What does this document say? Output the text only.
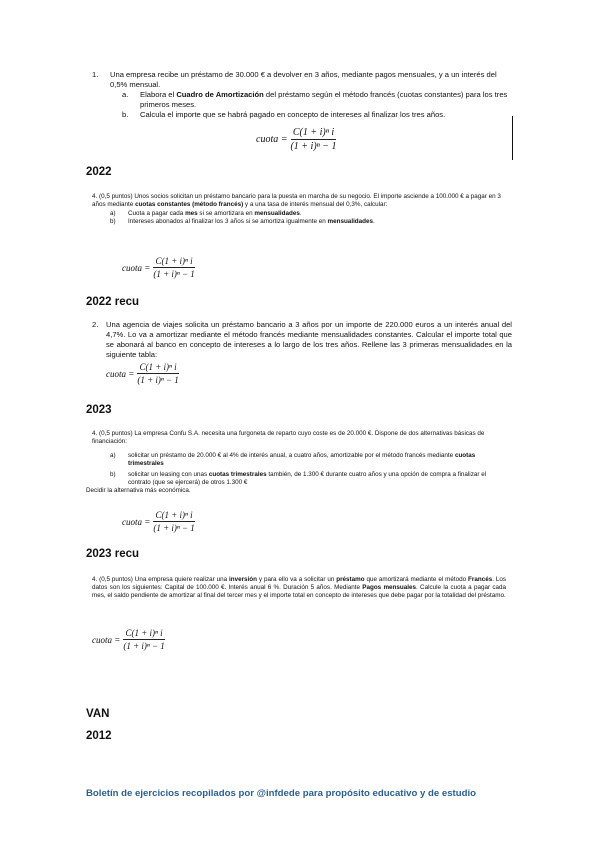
1.	Una empresa recibe un préstamo de 30.000 € a devolver en 3 años, mediante pagos mensuales, y a un interés del 0,5% mensual.

a.	Elabora el Cuadro de Amortización del préstamo según el método francés (cuotas constantes) para los tres primeros meses.
b.	Calcula el importe que se habrá pagado en concepto de intereses al finalizar los tres años.
cuota = $\frac{\text{C(1 + i)ⁿ i}}{\text{(1 + i)ⁿ − 1}}$
2022

4. (0,5 puntos) Unos socios solicitan un préstamo bancario para la puesta en marcha de su negocio. El importe asciende a 100.000 € a pagar en 3 años mediante cuotas constantes (método francés) y a una tasa de interés mensual del 0,3%, calcular:

a)	Cuota a pagar cada mes si se amortizara en mensualidades.
b)	Intereses abonados al finalizar los 3 años si se amortiza igualmente en mensualidades.
cuota = $\frac{\text{C(1 + i)ⁿ i}}{\text{(1 + i)ⁿ − 1}}$
2022 recu

2.	Una agencia de viajes solicita un préstamo bancario a 3 años por un importe de 220.000 euros a un interés anual del 4,7%. Lo va a amortizar mediante el método francés mediante mensualidades constantes. Calcular el importe total que se abonará al banco en concepto de intereses a lo largo de los tres años. Rellene las 3 primeras mensualidades en la siguiente tabla:

cuota = $\frac{\text{C(1 + i)ⁿ i}}{\text{(1 + i)ⁿ − 1}}$
2023

4. (0,5 puntos) La empresa Confu S.A. necesita una furgoneta de reparto cuyo coste es de 20.000 €. Dispone de dos alternativas básicas de financiación:

a)	solicitar un préstamo de 20.000 € al 4% de interés anual, a cuatro años, amortizable por el método francés mediante cuotas trimestrales
b)	solicitar un leasing con unas cuotas trimestrales también, de 1.300 € durante cuatro años y una opción de compra a finalizar el contrato (que se ejercerá) de otros 1.300 €

Decidir la alternativa más económica.

cuota = $\frac{\text{C(1 + i)ⁿ i}}{\text{(1 + i)ⁿ − 1}}$
2023 recu

4. (0,5 puntos) Una empresa quiere realizar una inversión y para ello va a solicitar un préstamo que amortizará mediante el método Francés. Los datos son los siguientes: Capital de 100.000 €. Interés anual 6 %. Duración 5 años. Mediante Pagos mensuales. Calcule la cuota a pagar cada mes, el saldo pendiente de amortizar al final del tercer mes y el importe total en concepto de intereses que debe pagar por la totalidad del préstamo.

cuota = $\frac{\text{C(1 + i)ⁿ i}}{\text{(1 + i)ⁿ − 1}}$
VAN
2012
Boletín de ejercicios recopilados por @infdede para propósito educativo y de estudio
